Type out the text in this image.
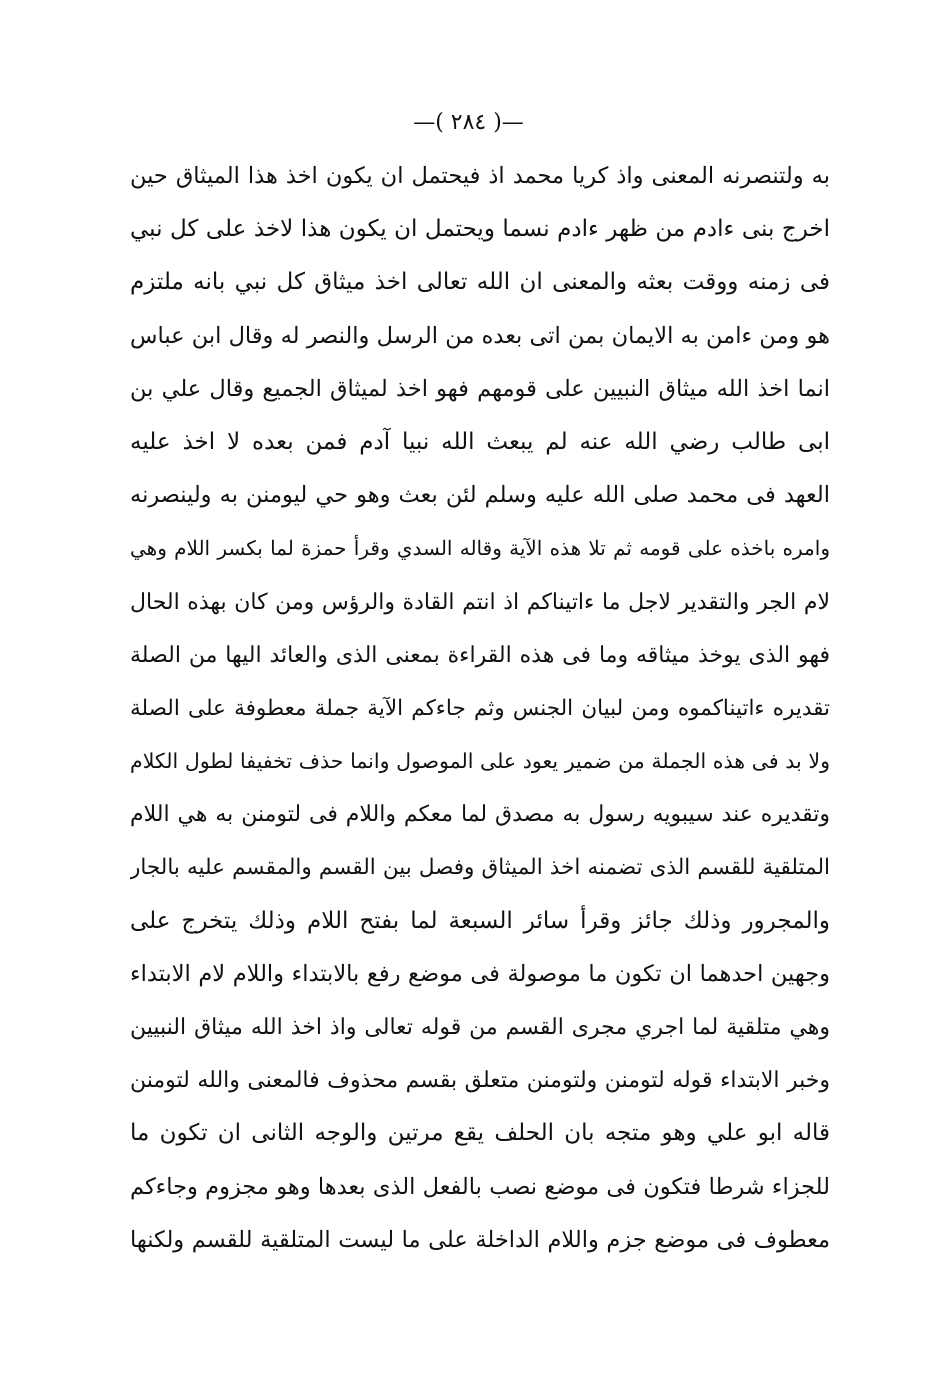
—( ٢٨٤ )—
به ولتنصرنه المعنى واذ كريا محمد اذ فيحتمل ان يكون اخذ هذا الميثاق حين
اخرج بنى ءادم من ظهر ءادم نسما ويحتمل ان يكون هذا لاخذ على كل نبي
فى زمنه ووقت بعثه والمعنى ان الله تعالى اخذ ميثاق كل نبي بانه ملتزم
هو ومن ءامن به الايمان بمن اتى بعده من الرسل والنصر له وقال ابن عباس
انما اخذ الله ميثاق النبيين على قومهم فهو اخذ لميثاق الجميع وقال علي بن
ابى طالب رضي الله عنه لم يبعث الله نبيا آدم فمن بعده لا اخذ عليه
العهد فى محمد صلى الله عليه وسلم لئن بعث وهو حي ليومنن به ولينصرنه
وامره باخذه على قومه ثم تلا هذه الآية وقاله السدي وقرأ حمزة لما بكسر اللام وهي
لام الجر والتقدير لاجل ما ءاتيناكم اذ انتم القادة والرؤس ومن كان بهذه الحال
فهو الذى يوخذ ميثاقه وما فى هذه القراءة بمعنى الذى والعائد اليها من الصلة
تقديره ءاتيناكموه ومن لبيان الجنس وثم جاءكم الآية جملة معطوفة على الصلة
ولا بد فى هذه الجملة من ضمير يعود على الموصول وانما حذف تخفيفا لطول الكلام
وتقديره عند سيبويه رسول به مصدق لما معكم واللام فى لتومنن به هي اللام
المتلقية للقسم الذى تضمنه اخذ الميثاق وفصل بين القسم والمقسم عليه بالجار
والمجرور وذلك جائز وقرأ سائر السبعة لما بفتح اللام وذلك يتخرج على
وجهين احدهما ان تكون ما موصولة فى موضع رفع بالابتداء واللام لام الابتداء
وهي متلقية لما اجري مجرى القسم من قوله تعالى واذ اخذ الله ميثاق النبيين
وخبر الابتداء قوله لتومنن ولتومنن متعلق بقسم محذوف فالمعنى والله لتومنن
قاله ابو علي وهو متجه بان الحلف يقع مرتين والوجه الثانى ان تكون ما
للجزاء شرطا فتكون فى موضع نصب بالفعل الذى بعدها وهو مجزوم وجاءكم
معطوف فى موضع جزم واللام الداخلة على ما ليست المتلقية للقسم ولكنها
